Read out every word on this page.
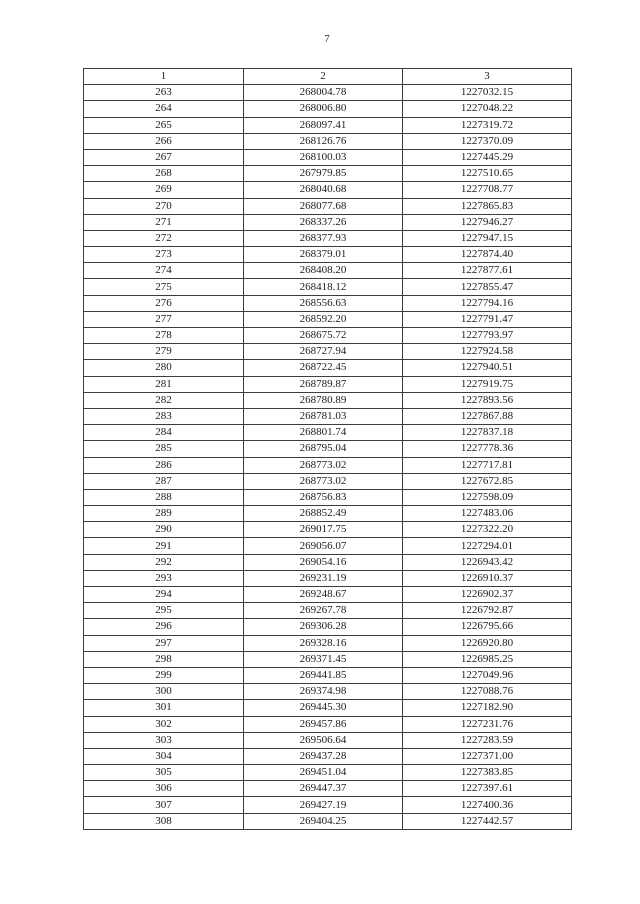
7
1	2	3
263	268004.78	1227032.15
264	268006.80	1227048.22
265	268097.41	1227319.72
266	268126.76	1227370.09
267	268100.03	1227445.29
268	267979.85	1227510.65
269	268040.68	1227708.77
270	268077.68	1227865.83
271	268337.26	1227946.27
272	268377.93	1227947.15
273	268379.01	1227874.40
274	268408.20	1227877.61
275	268418.12	1227855.47
276	268556.63	1227794.16
277	268592.20	1227791.47
278	268675.72	1227793.97
279	268727.94	1227924.58
280	268722.45	1227940.51
281	268789.87	1227919.75
282	268780.89	1227893.56
283	268781.03	1227867.88
284	268801.74	1227837.18
285	268795.04	1227778.36
286	268773.02	1227717.81
287	268773.02	1227672.85
288	268756.83	1227598.09
289	268852.49	1227483.06
290	269017.75	1227322.20
291	269056.07	1227294.01
292	269054.16	1226943.42
293	269231.19	1226910.37
294	269248.67	1226902.37
295	269267.78	1226792.87
296	269306.28	1226795.66
297	269328.16	1226920.80
298	269371.45	1226985.25
299	269441.85	1227049.96
300	269374.98	1227088.76
301	269445.30	1227182.90
302	269457.86	1227231.76
303	269506.64	1227283.59
304	269437.28	1227371.00
305	269451.04	1227383.85
306	269447.37	1227397.61
307	269427.19	1227400.36
308	269404.25	1227442.57
